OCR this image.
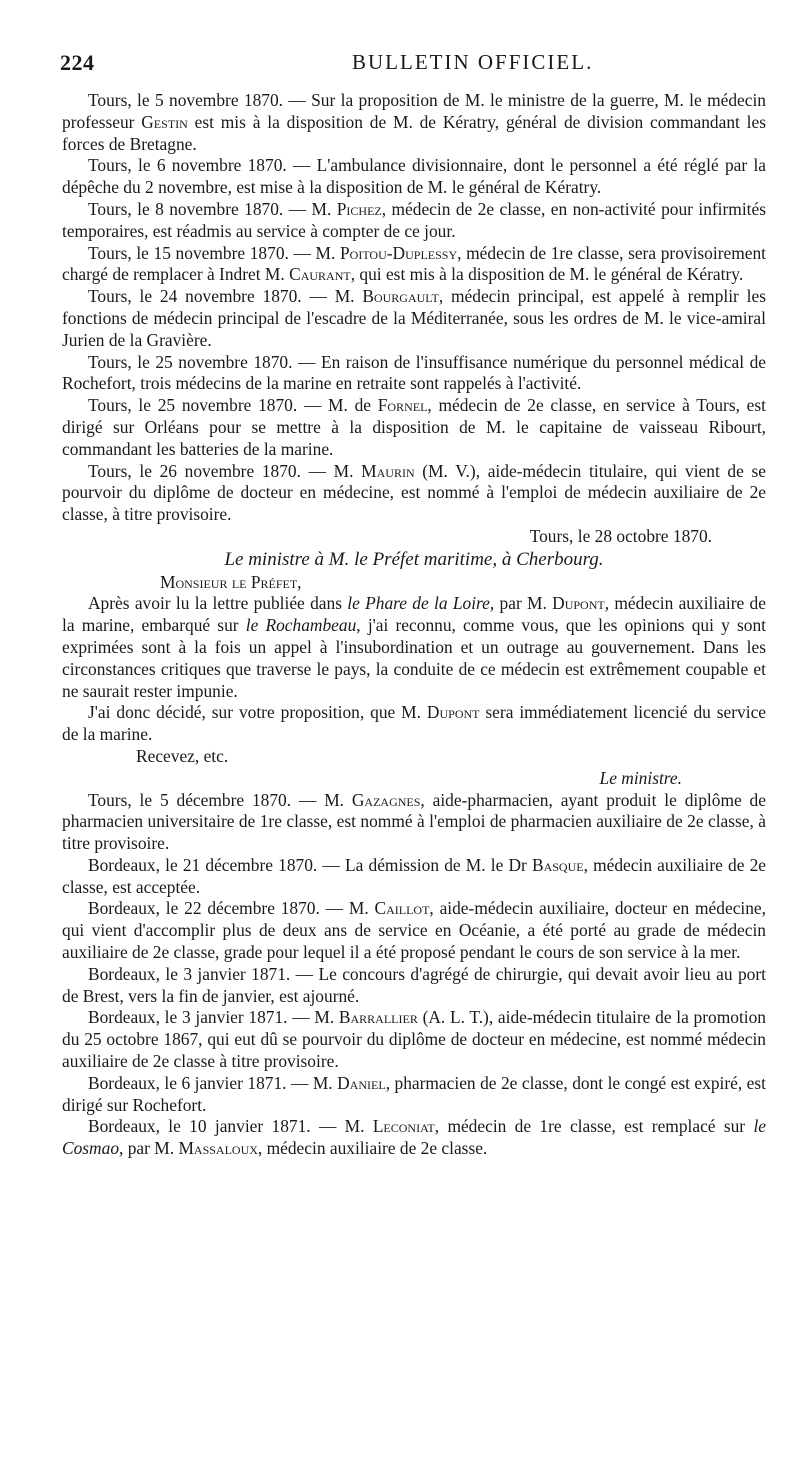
224	BULLETIN OFFICIEL.

Tours, le 5 novembre 1870. — Sur la proposition de M. le ministre de la guerre, M. le médecin professeur Gestin est mis à la disposition de M. de Kératry, général de division commandant les forces de Bretagne.

Tours, le 6 novembre 1870. — L'ambulance divisionnaire, dont le personnel a été réglé par la dépêche du 2 novembre, est mise à la disposition de M. le général de Kératry.

Tours, le 8 novembre 1870. — M. Pichez, médecin de 2e classe, en non-activité pour infirmités temporaires, est réadmis au service à compter de ce jour.

Tours, le 15 novembre 1870. — M. Poitou-Duplessy, médecin de 1re classe, sera provisoirement chargé de remplacer à Indret M. Caurant, qui est mis à la disposition de M. le général de Kératry.

Tours, le 24 novembre 1870. — M. Bourgault, médecin principal, est appelé à remplir les fonctions de médecin principal de l'escadre de la Méditerranée, sous les ordres de M. le vice-amiral Jurien de la Gravière.

Tours, le 25 novembre 1870. — En raison de l'insuffisance numérique du personnel médical de Rochefort, trois médecins de la marine en retraite sont rappelés à l'activité.

Tours, le 25 novembre 1870. — M. de Fornel, médecin de 2e classe, en service à Tours, est dirigé sur Orléans pour se mettre à la disposition de M. le capitaine de vaisseau Ribourt, commandant les batteries de la marine.

Tours, le 26 novembre 1870. — M. Maurin (M. V.), aide-médecin titulaire, qui vient de se pourvoir du diplôme de docteur en médecine, est nommé à l'emploi de médecin auxiliaire de 2e classe, à titre provisoire.

Tours, le 28 octobre 1870.

Le ministre à M. le Préfet maritime, à Cherbourg.

Monsieur le Préfet,

Après avoir lu la lettre publiée dans le Phare de la Loire, par M. Dupont, médecin auxiliaire de la marine, embarqué sur le Rochambeau, j'ai reconnu, comme vous, que les opinions qui y sont exprimées sont à la fois un appel à l'insubordination et un outrage au gouvernement. Dans les circonstances critiques que traverse le pays, la conduite de ce médecin est extrêmement coupable et ne saurait rester impunie.

J'ai donc décidé, sur votre proposition, que M. Dupont sera immédiatement licencié du service de la marine.

Recevez, etc.

Le ministre.

Tours, le 5 décembre 1870. — M. Gazagnes, aide-pharmacien, ayant produit le diplôme de pharmacien universitaire de 1re classe, est nommé à l'emploi de pharmacien auxiliaire de 2e classe, à titre provisoire.

Bordeaux, le 21 décembre 1870. — La démission de M. le Dr Basque, médecin auxiliaire de 2e classe, est acceptée.

Bordeaux, le 22 décembre 1870. — M. Caillot, aide-médecin auxiliaire, docteur en médecine, qui vient d'accomplir plus de deux ans de service en Océanie, a été porté au grade de médecin auxiliaire de 2e classe, grade pour lequel il a été proposé pendant le cours de son service à la mer.

Bordeaux, le 3 janvier 1871. — Le concours d'agrégé de chirurgie, qui devait avoir lieu au port de Brest, vers la fin de janvier, est ajourné.

Bordeaux, le 3 janvier 1871. — M. Barrallier (A. L. T.), aide-médecin titulaire de la promotion du 25 octobre 1867, qui eut dû se pourvoir du diplôme de docteur en médecine, est nommé médecin auxiliaire de 2e classe à titre provisoire.

Bordeaux, le 6 janvier 1871. — M. Daniel, pharmacien de 2e classe, dont le congé est expiré, est dirigé sur Rochefort.

Bordeaux, le 10 janvier 1871. — M. Leconiat, médecin de 1re classe, est remplacé sur le Cosmao, par M. Massaloux, médecin auxiliaire de 2e classe.
